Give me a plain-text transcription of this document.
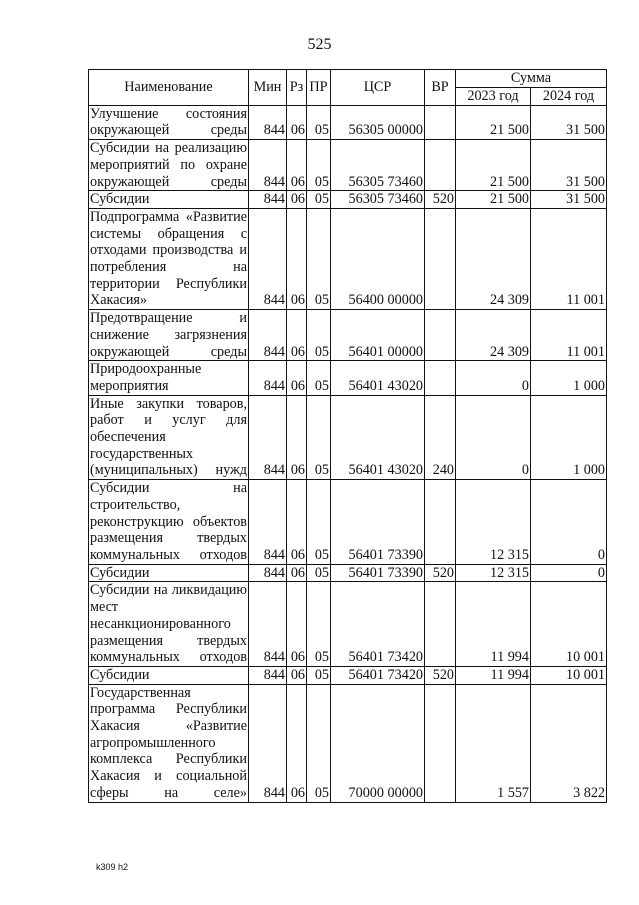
525
Наименование	Мин	Рз	ПР	ЦСР	ВР	Сумма	
						2023 год	2024 год
Улучшение состояния окружающей среды	844	06	05	56305 00000		21 500	31 500
Субсидии на реализацию мероприятий по охране окружающей среды	844	06	05	56305 73460		21 500	31 500
Субсидии	844	06	05	56305 73460	520	21 500	31 500
Подпрограмма «Развитие системы обращения с отходами производства и потребления на территории Республики Хакасия»	844	06	05	56400 00000		24 309	11 001
Предотвращение и снижение загрязнения окружающей среды	844	06	05	56401 00000		24 309	11 001
Природоохранные мероприятия	844	06	05	56401 43020		0	1 000
Иные закупки товаров, работ и услуг для обеспечения государственных (муниципальных) нужд	844	06	05	56401 43020	240	0	1 000
Субсидии на строительство, реконструкцию объектов размещения твердых коммунальных отходов	844	06	05	56401 73390		12 315	0
Субсидии	844	06	05	56401 73390	520	12 315	0
Субсидии на ликвидацию мест несанкционированного размещения твердых коммунальных отходов	844	06	05	56401 73420		11 994	10 001
Субсидии	844	06	05	56401 73420	520	11 994	10 001
Государственная программа Республики Хакасия «Развитие агропромышленного комплекса Республики Хакасия и социальной сферы на селе»	844	06	05	70000 00000		1 557	3 822
k309 h2
